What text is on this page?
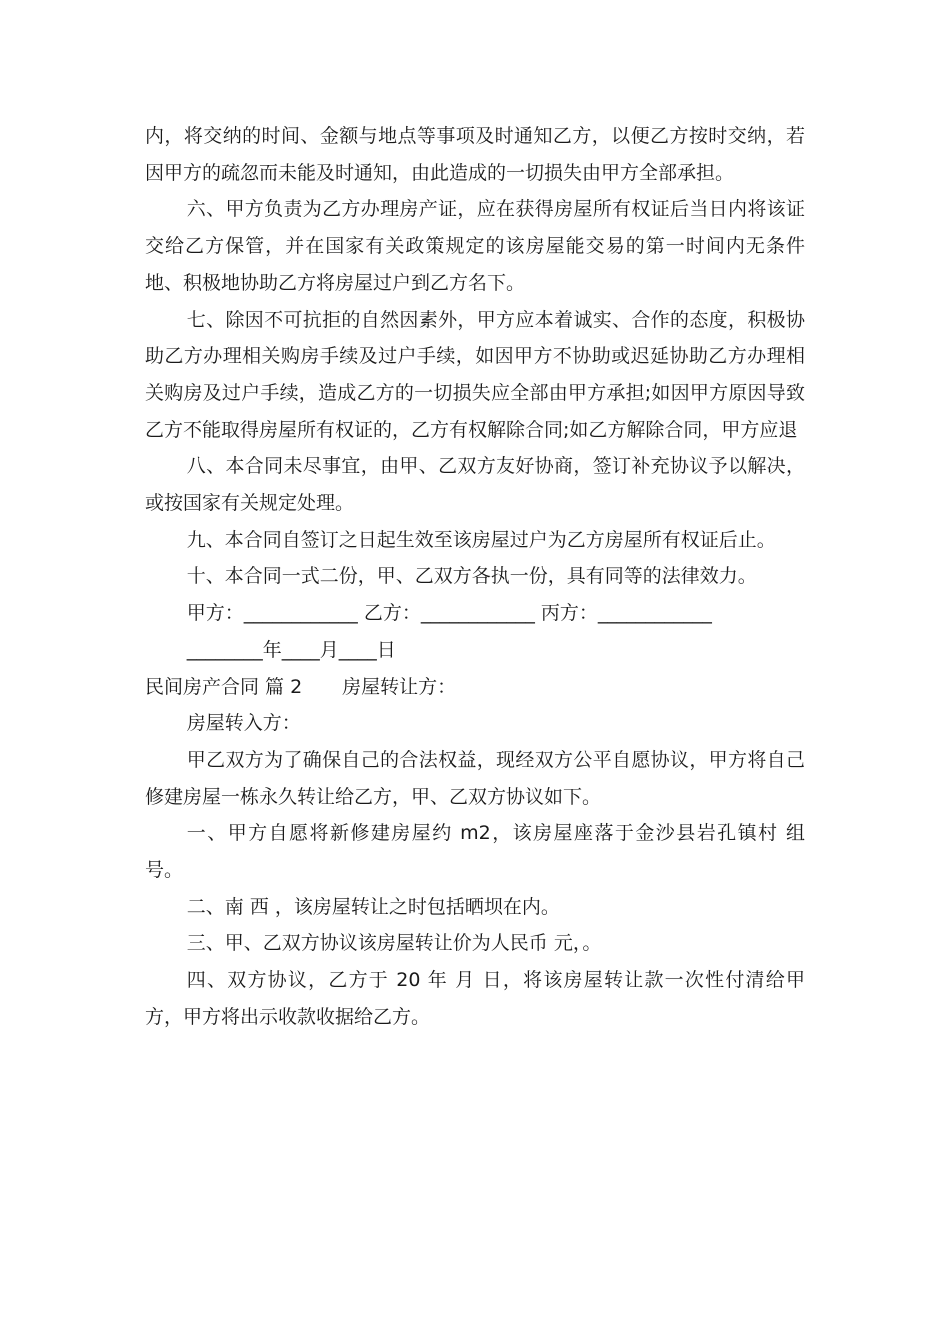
内，将交纳的时间、金额与地点等事项及时通知乙方，以便乙方按时交纳，若因甲方的疏忽而未能及时通知，由此造成的一切损失由甲方全部承担。

六、甲方负责为乙方办理房产证，应在获得房屋所有权证后当日内将该证交给乙方保管，并在国家有关政策规定的该房屋能交易的第一时间内无条件地、积极地协助乙方将房屋过户到乙方名下。

七、除因不可抗拒的自然因素外，甲方应本着诚实、合作的态度，积极协助乙方办理相关购房手续及过户手续，如因甲方不协助或迟延协助乙方办理相关购房及过户手续，造成乙方的一切损失应全部由甲方承担;如因甲方原因导致乙方不能取得房屋所有权证的，乙方有权解除合同;如乙方解除合同，甲方应退

八、本合同未尽事宜，由甲、乙双方友好协商，签订补充协议予以解决，或按国家有关规定处理。

九、本合同自签订之日起生效至该房屋过户为乙方房屋所有权证后止。

十、本合同一式二份，甲、乙双方各执一份，具有同等的法律效力。

甲方：____________ 乙方：____________ 丙方：____________

________年____月____日

民间房产合同 篇 2 房屋转让方：

房屋转入方：

甲乙双方为了确保自己的合法权益，现经双方公平自愿协议，甲方将自己修建房屋一栋永久转让给乙方，甲、乙双方协议如下。

一、甲方自愿将新修建房屋约 m2，该房屋座落于金沙县岩孔镇村 组 号。

二、南 西 ，该房屋转让之时包括晒坝在内。

三、甲、乙双方协议该房屋转让价为人民币 元，。

四、双方协议，乙方于 20 年 月 日，将该房屋转让款一次性付清给甲方，甲方将出示收款收据给乙方。
